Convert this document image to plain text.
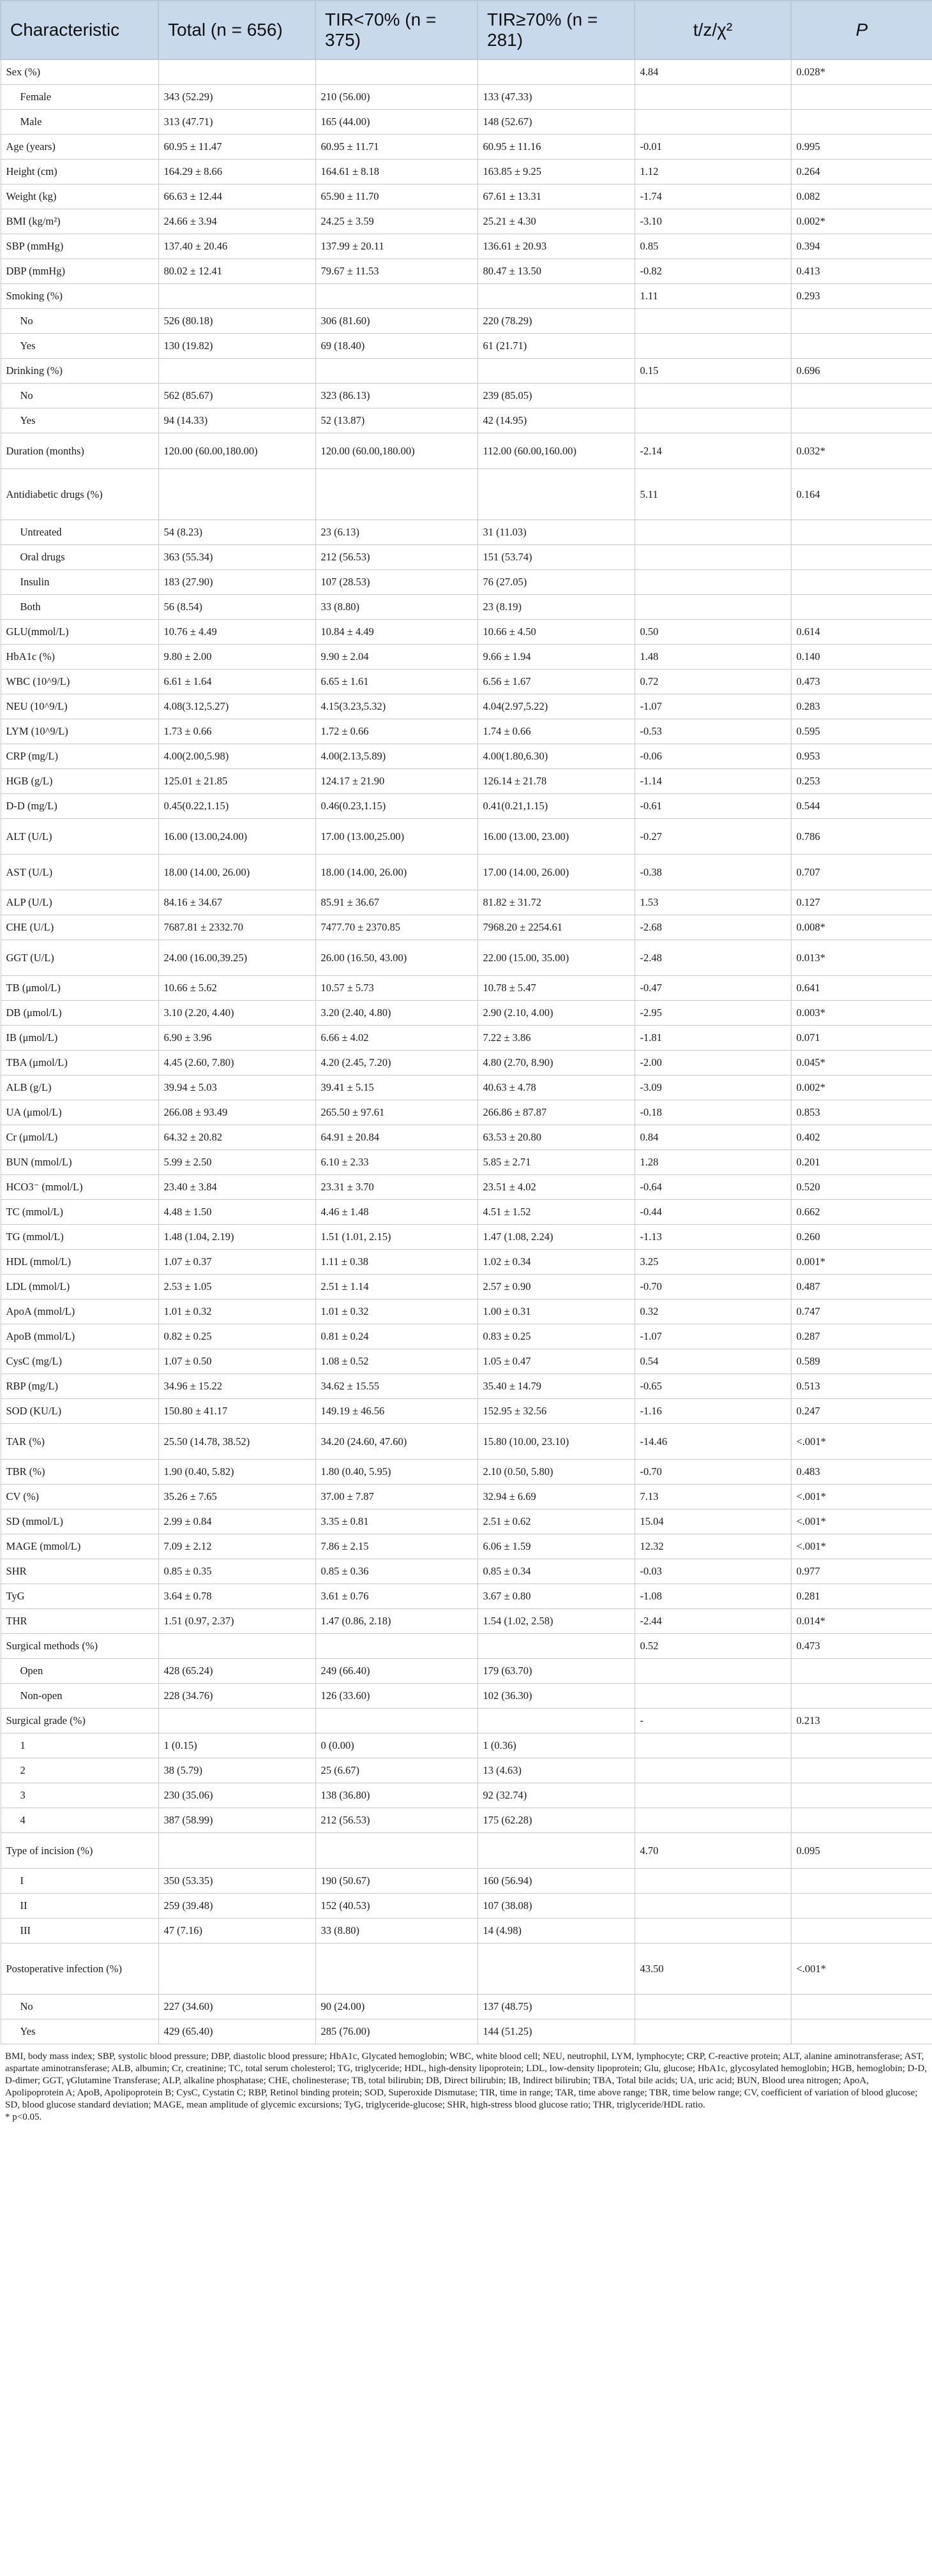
Characteristic	Total (n = 656)	TIR<70% (n = 375)	TIR≥70% (n = 281)	t/z/χ²	P
Sex (%)				4.84	0.028*
Female	343 (52.29)	210 (56.00)	133 (47.33)		
Male	313 (47.71)	165 (44.00)	148 (52.67)		
Age (years)	60.95 ± 11.47	60.95 ± 11.71	60.95 ± 11.16	-0.01	0.995
Height (cm)	164.29 ± 8.66	164.61 ± 8.18	163.85 ± 9.25	1.12	0.264
Weight (kg)	66.63 ± 12.44	65.90 ± 11.70	67.61 ± 13.31	-1.74	0.082
BMI (kg/m²)	24.66 ± 3.94	24.25 ± 3.59	25.21 ± 4.30	-3.10	0.002*
SBP (mmHg)	137.40 ± 20.46	137.99 ± 20.11	136.61 ± 20.93	0.85	0.394
DBP (mmHg)	80.02 ± 12.41	79.67 ± 11.53	80.47 ± 13.50	-0.82	0.413
Smoking (%)				1.11	0.293
No	526 (80.18)	306 (81.60)	220 (78.29)		
Yes	130 (19.82)	69 (18.40)	61 (21.71)		
Drinking (%)				0.15	0.696
No	562 (85.67)	323 (86.13)	239 (85.05)		
Yes	94 (14.33)	52 (13.87)	42 (14.95)		
Duration (months)	120.00 (60.00,180.00)	120.00 (60.00,180.00)	112.00 (60.00,160.00)	-2.14	0.032*
Antidiabetic drugs (%)				5.11	0.164
Untreated	54 (8.23)	23 (6.13)	31 (11.03)		
Oral drugs	363 (55.34)	212 (56.53)	151 (53.74)		
Insulin	183 (27.90)	107 (28.53)	76 (27.05)		
Both	56 (8.54)	33 (8.80)	23 (8.19)		
GLU(mmol/L)	10.76 ± 4.49	10.84 ± 4.49	10.66 ± 4.50	0.50	0.614
HbA1c (%)	9.80 ± 2.00	9.90 ± 2.04	9.66 ± 1.94	1.48	0.140
WBC (10^9/L)	6.61 ± 1.64	6.65 ± 1.61	6.56 ± 1.67	0.72	0.473
NEU (10^9/L)	4.08(3.12,5.27)	4.15(3.23,5.32)	4.04(2.97,5.22)	-1.07	0.283
LYM (10^9/L)	1.73 ± 0.66	1.72 ± 0.66	1.74 ± 0.66	-0.53	0.595
CRP (mg/L)	4.00(2.00,5.98)	4.00(2.13,5.89)	4.00(1.80,6.30)	-0.06	0.953
HGB (g/L)	125.01 ± 21.85	124.17 ± 21.90	126.14 ± 21.78	-1.14	0.253
D-D (mg/L)	0.45(0.22,1.15)	0.46(0.23,1.15)	0.41(0.21,1.15)	-0.61	0.544
ALT (U/L)	16.00 (13.00,24.00)	17.00 (13.00,25.00)	16.00 (13.00, 23.00)	-0.27	0.786
AST (U/L)	18.00 (14.00, 26.00)	18.00 (14.00, 26.00)	17.00 (14.00, 26.00)	-0.38	0.707
ALP (U/L)	84.16 ± 34.67	85.91 ± 36.67	81.82 ± 31.72	1.53	0.127
CHE (U/L)	7687.81 ± 2332.70	7477.70 ± 2370.85	7968.20 ± 2254.61	-2.68	0.008*
GGT (U/L)	24.00 (16.00,39.25)	26.00 (16.50, 43.00)	22.00 (15.00, 35.00)	-2.48	0.013*
TB (μmol/L)	10.66 ± 5.62	10.57 ± 5.73	10.78 ± 5.47	-0.47	0.641
DB (μmol/L)	3.10 (2.20, 4.40)	3.20 (2.40, 4.80)	2.90 (2.10, 4.00)	-2.95	0.003*
IB (μmol/L)	6.90 ± 3.96	6.66 ± 4.02	7.22 ± 3.86	-1.81	0.071
TBA (μmol/L)	4.45 (2.60, 7.80)	4.20 (2.45, 7.20)	4.80 (2.70, 8.90)	-2.00	0.045*
ALB (g/L)	39.94 ± 5.03	39.41 ± 5.15	40.63 ± 4.78	-3.09	0.002*
UA (μmol/L)	266.08 ± 93.49	265.50 ± 97.61	266.86 ± 87.87	-0.18	0.853
Cr (μmol/L)	64.32 ± 20.82	64.91 ± 20.84	63.53 ± 20.80	0.84	0.402
BUN (mmol/L)	5.99 ± 2.50	6.10 ± 2.33	5.85 ± 2.71	1.28	0.201
HCO3⁻ (mmol/L)	23.40 ± 3.84	23.31 ± 3.70	23.51 ± 4.02	-0.64	0.520
TC (mmol/L)	4.48 ± 1.50	4.46 ± 1.48	4.51 ± 1.52	-0.44	0.662
TG (mmol/L)	1.48 (1.04, 2.19)	1.51 (1.01, 2.15)	1.47 (1.08, 2.24)	-1.13	0.260
HDL (mmol/L)	1.07 ± 0.37	1.11 ± 0.38	1.02 ± 0.34	3.25	0.001*
LDL (mmol/L)	2.53 ± 1.05	2.51 ± 1.14	2.57 ± 0.90	-0.70	0.487
ApoA (mmol/L)	1.01 ± 0.32	1.01 ± 0.32	1.00 ± 0.31	0.32	0.747
ApoB (mmol/L)	0.82 ± 0.25	0.81 ± 0.24	0.83 ± 0.25	-1.07	0.287
CysC (mg/L)	1.07 ± 0.50	1.08 ± 0.52	1.05 ± 0.47	0.54	0.589
RBP (mg/L)	34.96 ± 15.22	34.62 ± 15.55	35.40 ± 14.79	-0.65	0.513
SOD (KU/L)	150.80 ± 41.17	149.19 ± 46.56	152.95 ± 32.56	-1.16	0.247
TAR (%)	25.50 (14.78, 38.52)	34.20 (24.60, 47.60)	15.80 (10.00, 23.10)	-14.46	<.001*
TBR (%)	1.90 (0.40, 5.82)	1.80 (0.40, 5.95)	2.10 (0.50, 5.80)	-0.70	0.483
CV (%)	35.26 ± 7.65	37.00 ± 7.87	32.94 ± 6.69	7.13	<.001*
SD (mmol/L)	2.99 ± 0.84	3.35 ± 0.81	2.51 ± 0.62	15.04	<.001*
MAGE (mmol/L)	7.09 ± 2.12	7.86 ± 2.15	6.06 ± 1.59	12.32	<.001*
SHR	0.85 ± 0.35	0.85 ± 0.36	0.85 ± 0.34	-0.03	0.977
TyG	3.64 ± 0.78	3.61 ± 0.76	3.67 ± 0.80	-1.08	0.281
THR	1.51 (0.97, 2.37)	1.47 (0.86, 2.18)	1.54 (1.02, 2.58)	-2.44	0.014*
Surgical methods (%)				0.52	0.473
Open	428 (65.24)	249 (66.40)	179 (63.70)		
Non-open	228 (34.76)	126 (33.60)	102 (36.30)		
Surgical grade (%)				-	0.213
1	1 (0.15)	0 (0.00)	1 (0.36)		
2	38 (5.79)	25 (6.67)	13 (4.63)		
3	230 (35.06)	138 (36.80)	92 (32.74)		
4	387 (58.99)	212 (56.53)	175 (62.28)		
Type of incision (%)				4.70	0.095
I	350 (53.35)	190 (50.67)	160 (56.94)		
II	259 (39.48)	152 (40.53)	107 (38.08)		
III	47 (7.16)	33 (8.80)	14 (4.98)		
Postoperative infection (%)				43.50	<.001*
No	227 (34.60)	90 (24.00)	137 (48.75)		
Yes	429 (65.40)	285 (76.00)	144 (51.25)		

BMI, body mass index; SBP, systolic blood pressure; DBP, diastolic blood pressure; HbA1c, Glycated hemoglobin; WBC, white blood cell; NEU, neutrophil, LYM, lymphocyte; CRP, C-reactive protein; ALT, alanine aminotransferase; AST, aspartate aminotransferase; ALB, albumin; Cr, creatinine; TC, total serum cholesterol; TG, triglyceride; HDL, high-density lipoprotein; LDL, low-density lipoprotein; Glu, glucose; HbA1c, glycosylated hemoglobin; HGB, hemoglobin; D-D, D-dimer; GGT, γGlutamine Transferase; ALP, alkaline phosphatase; CHE, cholinesterase; TB, total bilirubin; DB, Direct bilirubin; IB, Indirect bilirubin; TBA, Total bile acids; UA, uric acid; BUN, Blood urea nitrogen; ApoA, Apolipoprotein A; ApoB, Apolipoprotein B; CysC, Cystatin C; RBP, Retinol binding protein; SOD, Superoxide Dismutase; TIR, time in range; TAR, time above range; TBR, time below range; CV, coefficient of variation of blood glucose; SD, blood glucose standard deviation; MAGE, mean amplitude of glycemic excursions; TyG, triglyceride-glucose; SHR, high-stress blood glucose ratio; THR, triglyceride/HDL ratio.

* p<0.05.
